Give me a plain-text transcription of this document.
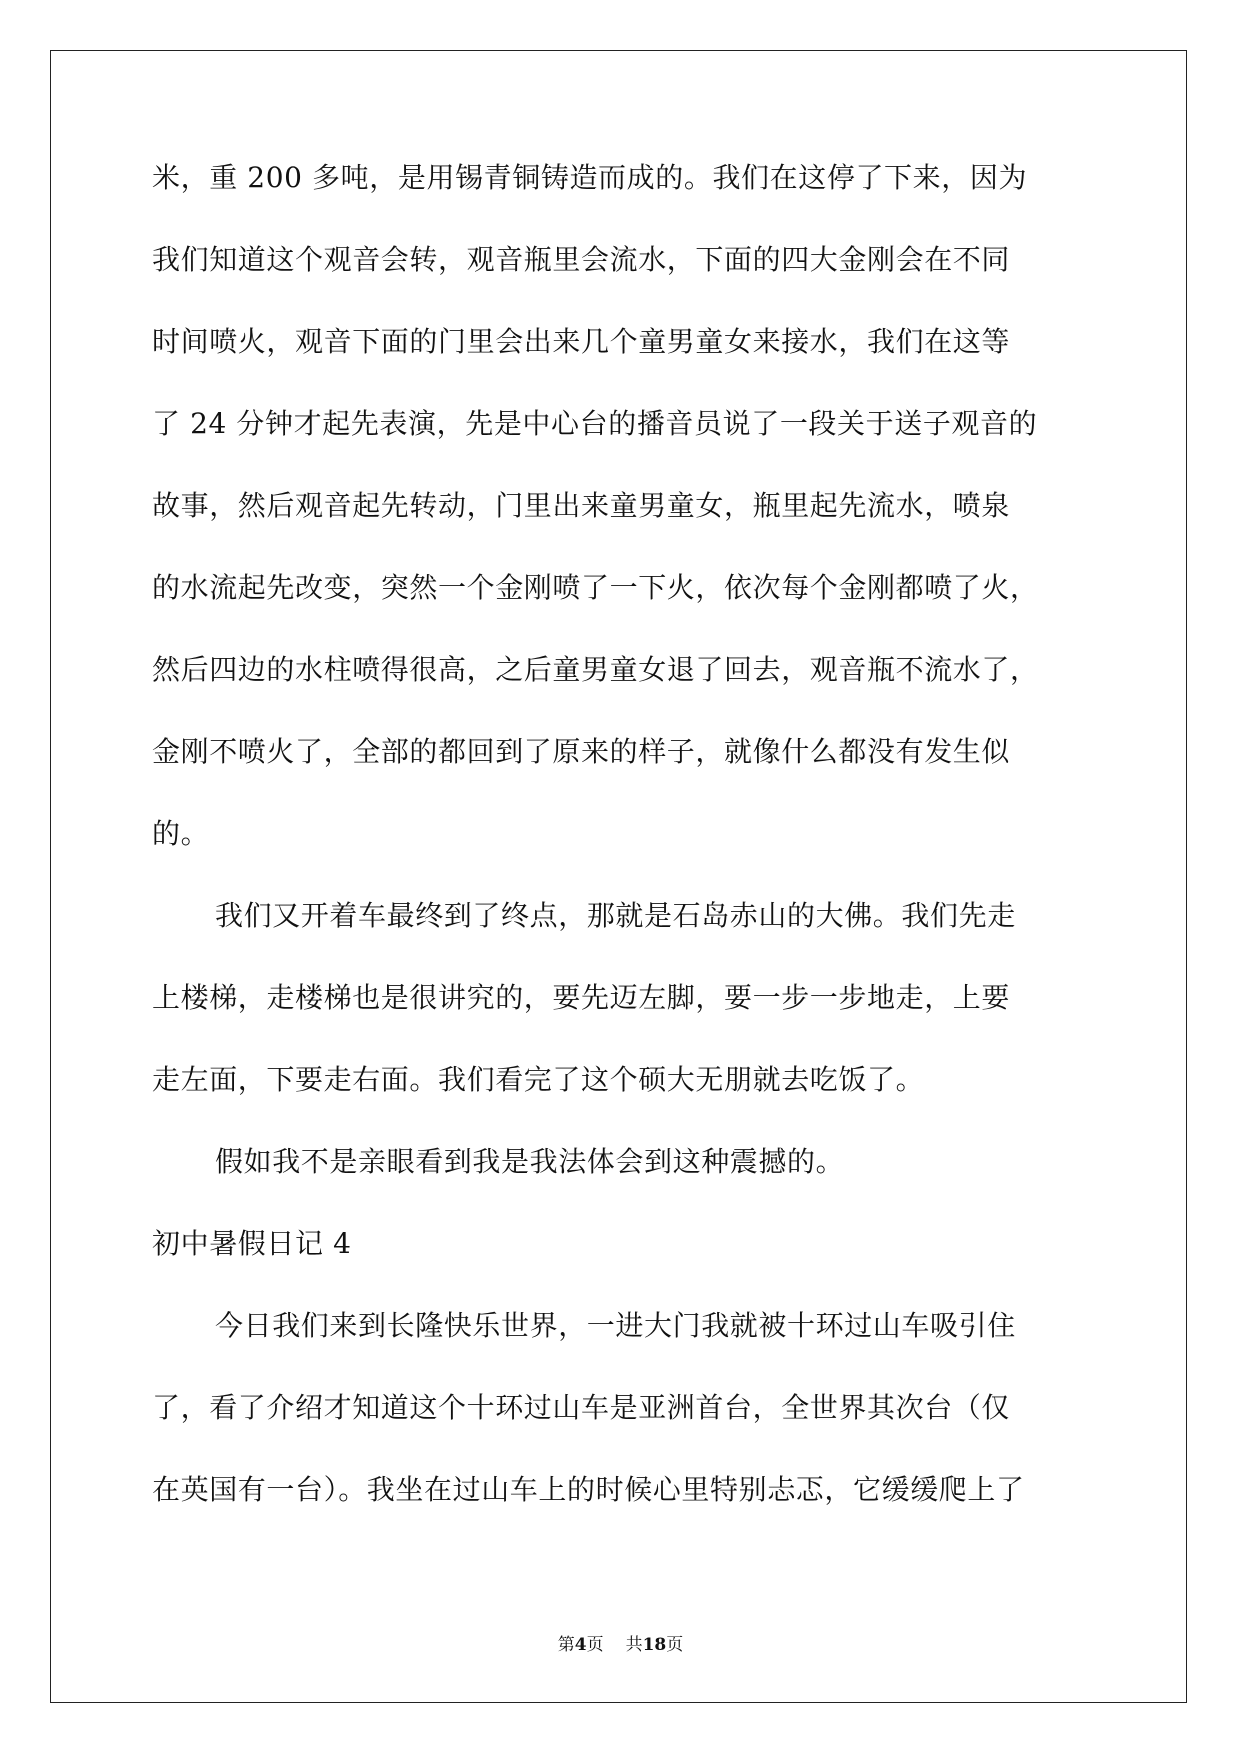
米，重 200 多吨，是用锡青铜铸造而成的。我们在这停了下来，因为
我们知道这个观音会转，观音瓶里会流水，下面的四大金刚会在不同
时间喷火，观音下面的门里会出来几个童男童女来接水，我们在这等
了 24 分钟才起先表演，先是中心台的播音员说了一段关于送子观音的
故事，然后观音起先转动，门里出来童男童女，瓶里起先流水，喷泉
的水流起先改变，突然一个金刚喷了一下火，依次每个金刚都喷了火，
然后四边的水柱喷得很高，之后童男童女退了回去，观音瓶不流水了，
金刚不喷火了，全部的都回到了原来的样子，就像什么都没有发生似
的。
我们又开着车最终到了终点，那就是石岛赤山的大佛。我们先走
上楼梯，走楼梯也是很讲究的，要先迈左脚，要一步一步地走，上要
走左面，下要走右面。我们看完了这个硕大无朋就去吃饭了。
假如我不是亲眼看到我是我法体会到这种震撼的。
初中暑假日记 4
今日我们来到长隆快乐世界，一进大门我就被十环过山车吸引住
了，看了介绍才知道这个十环过山车是亚洲首台，全世界其次台（仅
在英国有一台）。我坐在过山车上的时候心里特别忐忑，它缓缓爬上了
第4页 共18页
